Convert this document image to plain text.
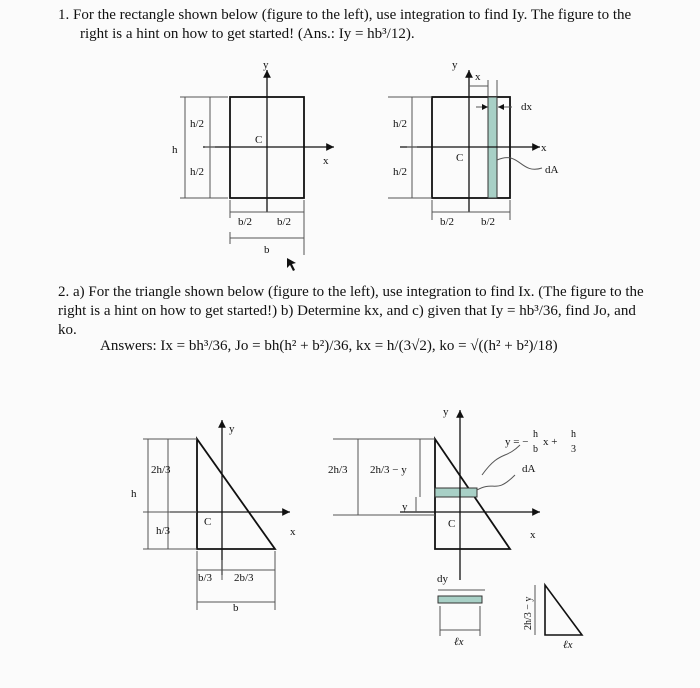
1. For the rectangle shown below (figure to the left), use integration to find Iy. The figure to the
right is a hint on how to get started! (Ans.: Iy = hb³/12).
2. a) For the triangle shown below (figure to the left), use integration to find Ix. (The figure to the
right is a hint on how to get started!) b) Determine kx, and c) given that Iy = hb³/36, find Jo, and
ko.
Answers: Ix = bh³/36, Jo = bh(h² + b²)/36, kx = h/(3√2), ko = √((h² + b²)/18)
y
x
C
h
h/2
h/2
b/2 b/2
b
y
x
x
dx
C
dA
h/2
h/2
b/2 b/2
y
x
C
h
2h/3
h/3
b/3 2b/3
b
y
x
C
2h/3 2h/3 − y
y
y = −
h
b
x +
h
3
dA
dy
ℓx	ℓx
2h/3 − y
